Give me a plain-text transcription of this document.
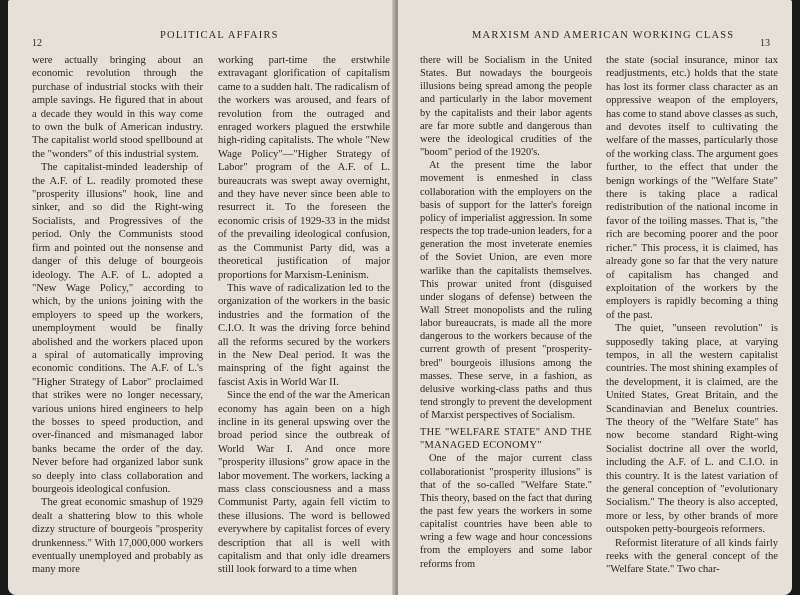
12
POLITICAL AFFAIRS

were actually bringing about an economic revolution through the purchase of industrial stocks with their ample savings. He figured that in about a decade they would in this way come to own the bulk of American industry. The capitalist world stood spellbound at the "wonders" of this industrial system.

The capitalist-minded leadership of the A.F. of L. readily promoted these "prosperity illusions" hook, line and sinker, and so did the Right-wing Socialists, and Progressives of the period. Only the Communists stood firm and pointed out the nonsense and danger of this deluge of bourgeois ideology. The A.F. of L. adopted a "New Wage Policy," according to which, by the unions joining with the employers to speed up the workers, unemployment would be finally abolished and the workers placed upon a spiral of automatically improving economic conditions. The A.F. of L.'s "Higher Strategy of Labor" proclaimed that strikes were no longer necessary, various unions hired engineers to help the bosses to speed production, and over-financed and mismanaged labor banks became the order of the day. Never before had organized labor sunk so deeply into class collaboration and bourgeois ideological confusion.

The great economic smashup of 1929 dealt a shattering blow to this whole dizzy structure of bourgeois "prosperity drunkenness." With 17,000,000 workers eventually unemployed and probably as many more

working part-time the erstwhile extravagant glorification of capitalism came to a sudden halt. The radicalism of the workers was aroused, and fears of revolution from the outraged and enraged workers plagued the erstwhile high-riding capitalists. The whole "New Wage Policy"—"Higher Strategy of Labor" program of the A.F. of L. bureaucrats was swept away overnight, and they have never since been able to resurrect it. To the foreseen the economic crisis of 1929-33 in the midst of the prevailing ideological confusion, as the Communist Party did, was a theoretical justification of major proportions for Marxism-Leninism.

This wave of radicalization led to the organization of the workers in the basic industries and the formation of the C.I.O. It was the driving force behind all the reforms secured by the workers in the New Deal period. It was the mainspring of the fight against the fascist Axis in World War II.

Since the end of the war the American economy has again been on a high incline in its general upswing over the broad period since the outbreak of World War I. And once more "prosperity illusions" grow apace in the labor movement. The workers, lacking a mass class consciousness and a mass Communist Party, again fell victim to these illusions. The word is bellowed everywhere by capitalist forces of every description that all is well with capitalism and that only idle dreamers still look forward to a time when

MARXISM AND AMERICAN WORKING CLASS
13

there will be Socialism in the United States. But nowadays the bourgeois illusions being spread among the people and particularly in the labor movement by the capitalists and their labor agents are far more subtle and dangerous than were the ideological crudities of the "boom" period of the 1920's.

At the present time the labor movement is enmeshed in class collaboration with the employers on the basis of support for the latter's foreign policy of imperialist aggression. In some respects the top trade-union leaders, for a generation the most inveterate enemies of the Soviet Union, are even more warlike than the capitalists themselves. This prowar united front (disguised under slogans of defense) between the Wall Street monopolists and the ruling labor bureaucrats, is made all the more dangerous to the workers because of the current growth of present "prosperity-bred" bourgeois illusions among the masses. These serve, in a fashion, as delusive working-class paths and thus tend strongly to prevent the development of Marxist perspectives of Socialism.

THE "WELFARE STATE" AND THE "MANAGED ECONOMY"

One of the major current class collaborationist "prosperity illusions" is that of the so-called "Welfare State." This theory, based on the fact that during the past few years the workers in some capitalist countries have been able to wring a few wage and hour concessions from the employers and some labor reforms from

the state (social insurance, minor tax readjustments, etc.) holds that the state has lost its former class character as an oppressive weapon of the employers, has come to stand above classes as such, and devotes itself to cultivating the welfare of the masses, particularly those of the working class. The argument goes further, to the effect that under the benign workings of the "Welfare State" there is taking place a radical redistribution of the national income in favor of the toiling masses. That is, "the rich are becoming poorer and the poor richer." This process, it is claimed, has already gone so far that the very nature of capitalism has changed and exploitation of the workers by the employers is rapidly becoming a thing of the past.

The quiet, "unseen revolution" is supposedly taking place, at varying tempos, in all the western capitalist countries. The most shining examples of the development, it is claimed, are the United States, Great Britain, and the Scandinavian and Benelux countries. The theory of the "Welfare State" has now become standard Right-wing Socialist doctrine all over the world, including the A.F. of L. and C.I.O. in this country. It is the latest variation of the general conception of "evolutionary Socialism." The theory is also accepted, more or less, by other brands of more outspoken petty-bourgeois reformers.

Reformist literature of all kinds fairly reeks with the general concept of the "Welfare State." Two char-
